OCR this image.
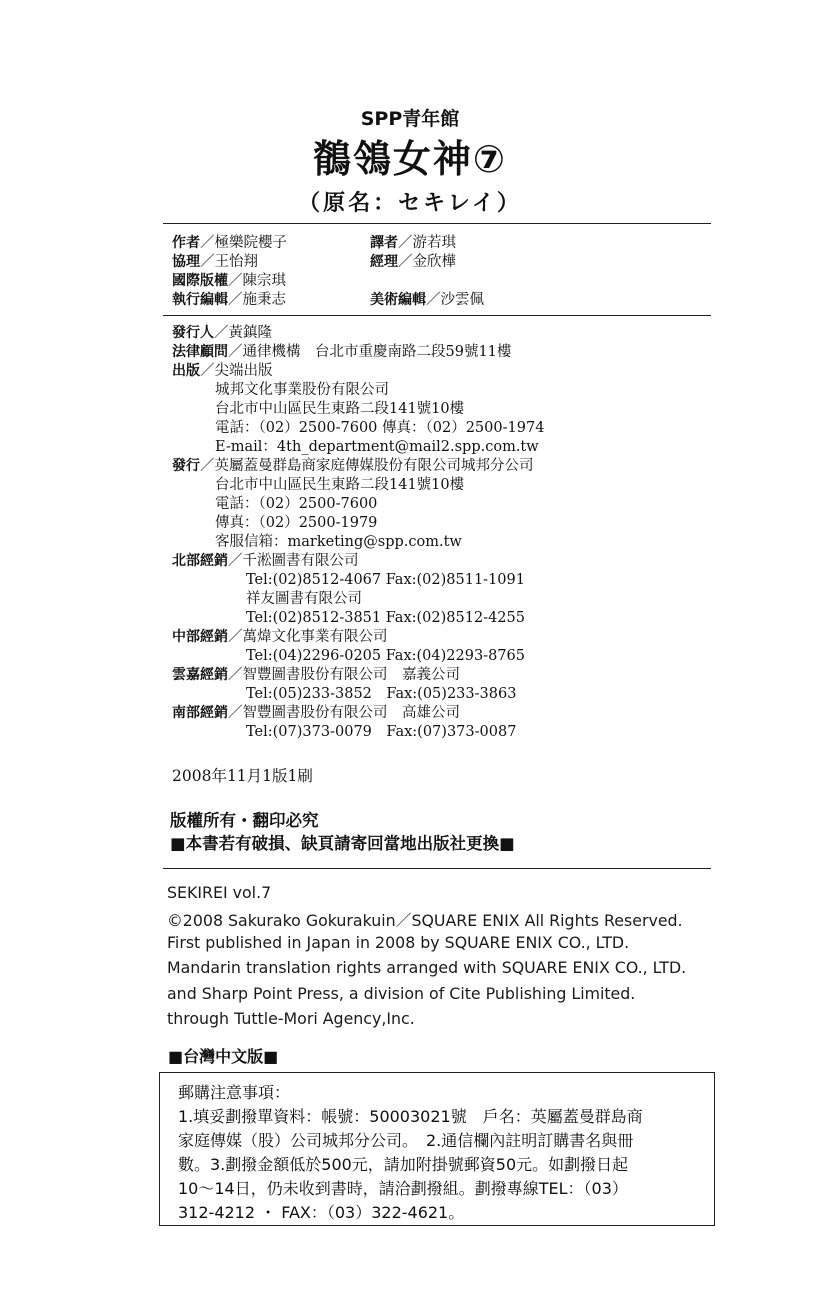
SPP青年館
鶺鴒女神⑦
（原名：セキレイ）
作者／極樂院櫻子
協理／王怡翔
國際版權／陳宗琪
執行編輯／施秉志
譯者／游若琪
經理／金欣樺
美術編輯／沙雲佩
發行人／黃鎮隆
法律顧問／通律機構　台北市重慶南路二段59號11樓
出版／尖端出版
城邦文化事業股份有限公司
台北市中山區民生東路二段141號10樓
電話：（02）2500-7600 傳真：（02）2500-1974
E-mail：4th_department@mail2.spp.com.tw
發行／英屬蓋曼群島商家庭傳媒股份有限公司城邦分公司
台北市中山區民生東路二段141號10樓
電話：（02）2500-7600
傳真：（02）2500-1979
客服信箱：marketing@spp.com.tw
北部經銷／千淞圖書有限公司
Tel:(02)8512-4067 Fax:(02)8511-1091
祥友圖書有限公司
Tel:(02)8512-3851 Fax:(02)8512-4255
中部經銷／萬煒文化事業有限公司
Tel:(04)2296-0205 Fax:(04)2293-8765
雲嘉經銷／智豐圖書股份有限公司　嘉義公司
Tel:(05)233-3852　Fax:(05)233-3863
南部經銷／智豐圖書股份有限公司　高雄公司
Tel:(07)373-0079　Fax:(07)373-0087
2008年11月1版1刷
版權所有・翻印必究
■本書若有破損、缺頁請寄回當地出版社更換■
SEKIREI vol.7
©2008 Sakurako Gokurakuin／SQUARE ENIX All Rights Reserved.
First published in Japan in 2008 by SQUARE ENIX CO., LTD.
Mandarin translation rights arranged with SQUARE ENIX CO., LTD.
and Sharp Point Press, a division of Cite Publishing Limited.
through Tuttle-Mori Agency,Inc.
■台灣中文版■
郵購注意事項：
1.填妥劃撥單資料：帳號：50003021號　戶名：英屬蓋曼群島商
家庭傳媒（股）公司城邦分公司。　2.通信欄內註明訂購書名與冊
數。3.劃撥金額低於500元，請加附掛號郵資50元。如劃撥日起
10～14日，仍未收到書時，請洽劃撥組。劃撥專線TEL：（03）
312-4212 ・ FAX：（03）322-4621。
